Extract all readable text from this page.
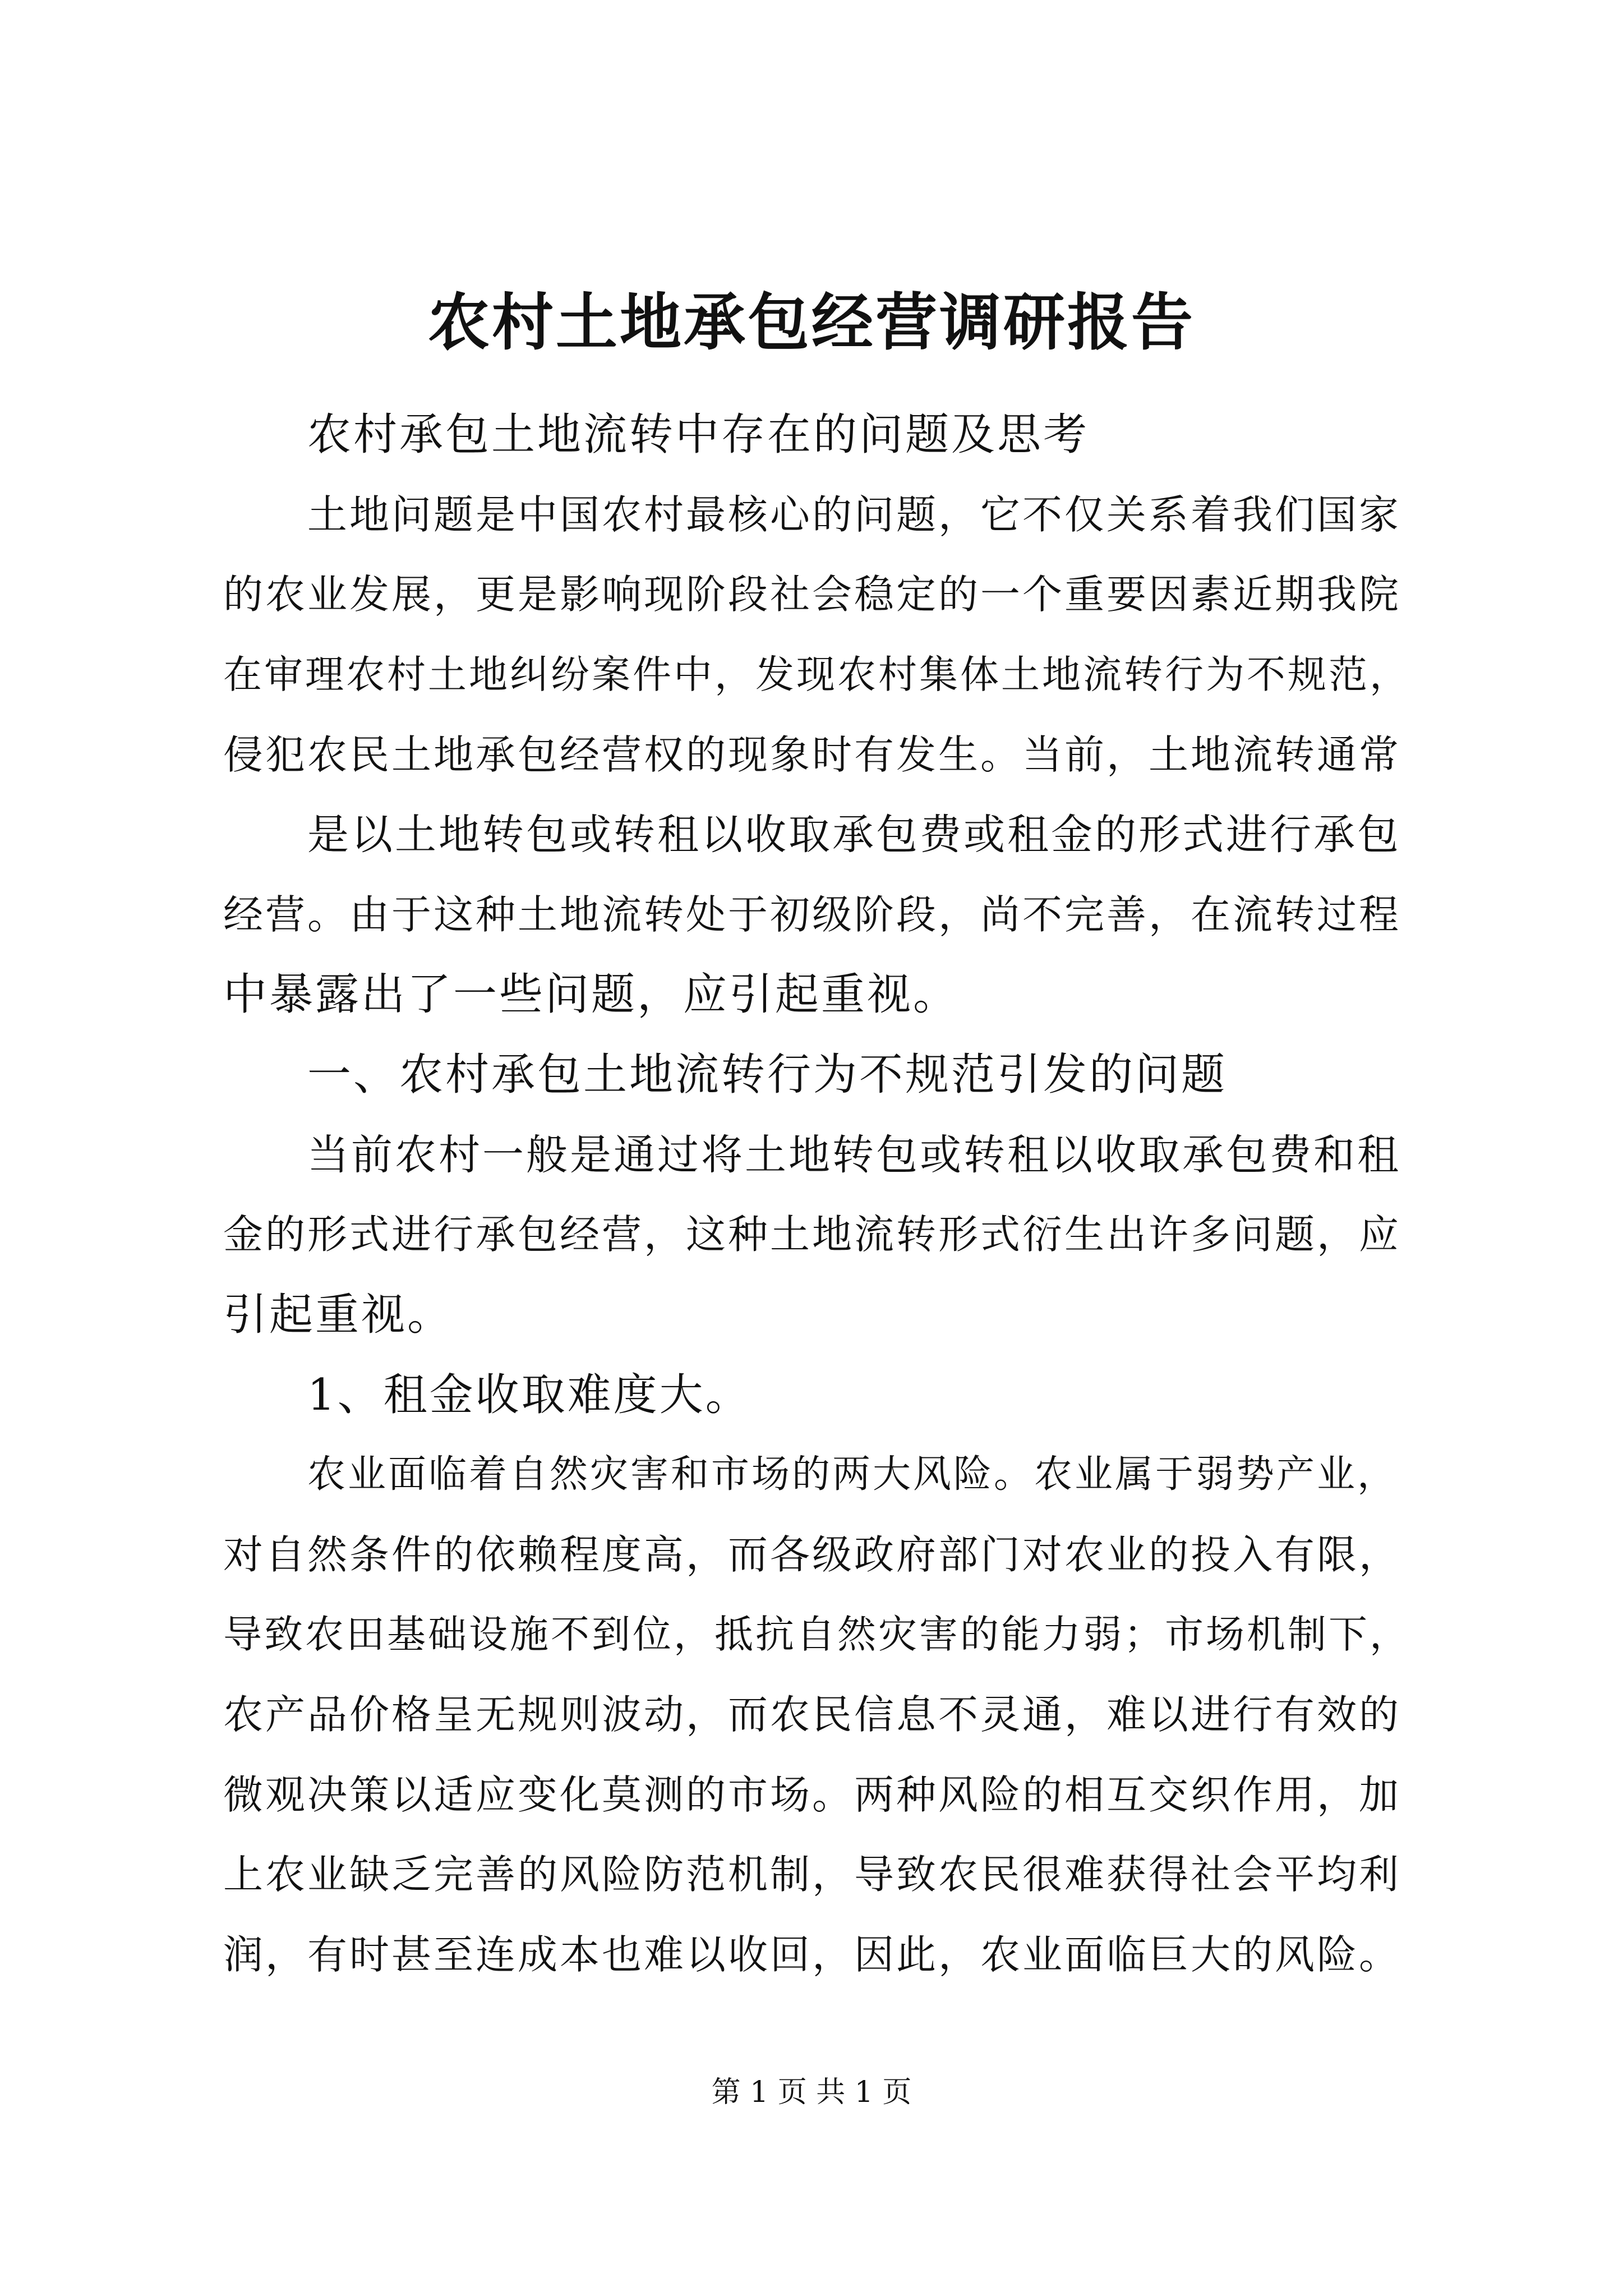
农村土地承包经营调研报告
农村承包土地流转中存在的问题及思考
土地问题是中国农村最核心的问题，它不仅关系着我们国家
的农业发展，更是影响现阶段社会稳定的一个重要因素近期我院
在审理农村土地纠纷案件中，发现农村集体土地流转行为不规范，
侵犯农民土地承包经营权的现象时有发生。当前，土地流转通常
是以土地转包或转租以收取承包费或租金的形式进行承包
经营。由于这种土地流转处于初级阶段，尚不完善，在流转过程
中暴露出了一些问题，应引起重视。
一、农村承包土地流转行为不规范引发的问题
当前农村一般是通过将土地转包或转租以收取承包费和租
金的形式进行承包经营，这种土地流转形式衍生出许多问题，应
引起重视。
1、租金收取难度大。
农业面临着自然灾害和市场的两大风险。农业属于弱势产业，
对自然条件的依赖程度高，而各级政府部门对农业的投入有限，
导致农田基础设施不到位，抵抗自然灾害的能力弱；市场机制下，
农产品价格呈无规则波动，而农民信息不灵通，难以进行有效的
微观决策以适应变化莫测的市场。两种风险的相互交织作用，加
上农业缺乏完善的风险防范机制，导致农民很难获得社会平均利
润，有时甚至连成本也难以收回，因此，农业面临巨大的风险。
第 1 页 共 1 页
